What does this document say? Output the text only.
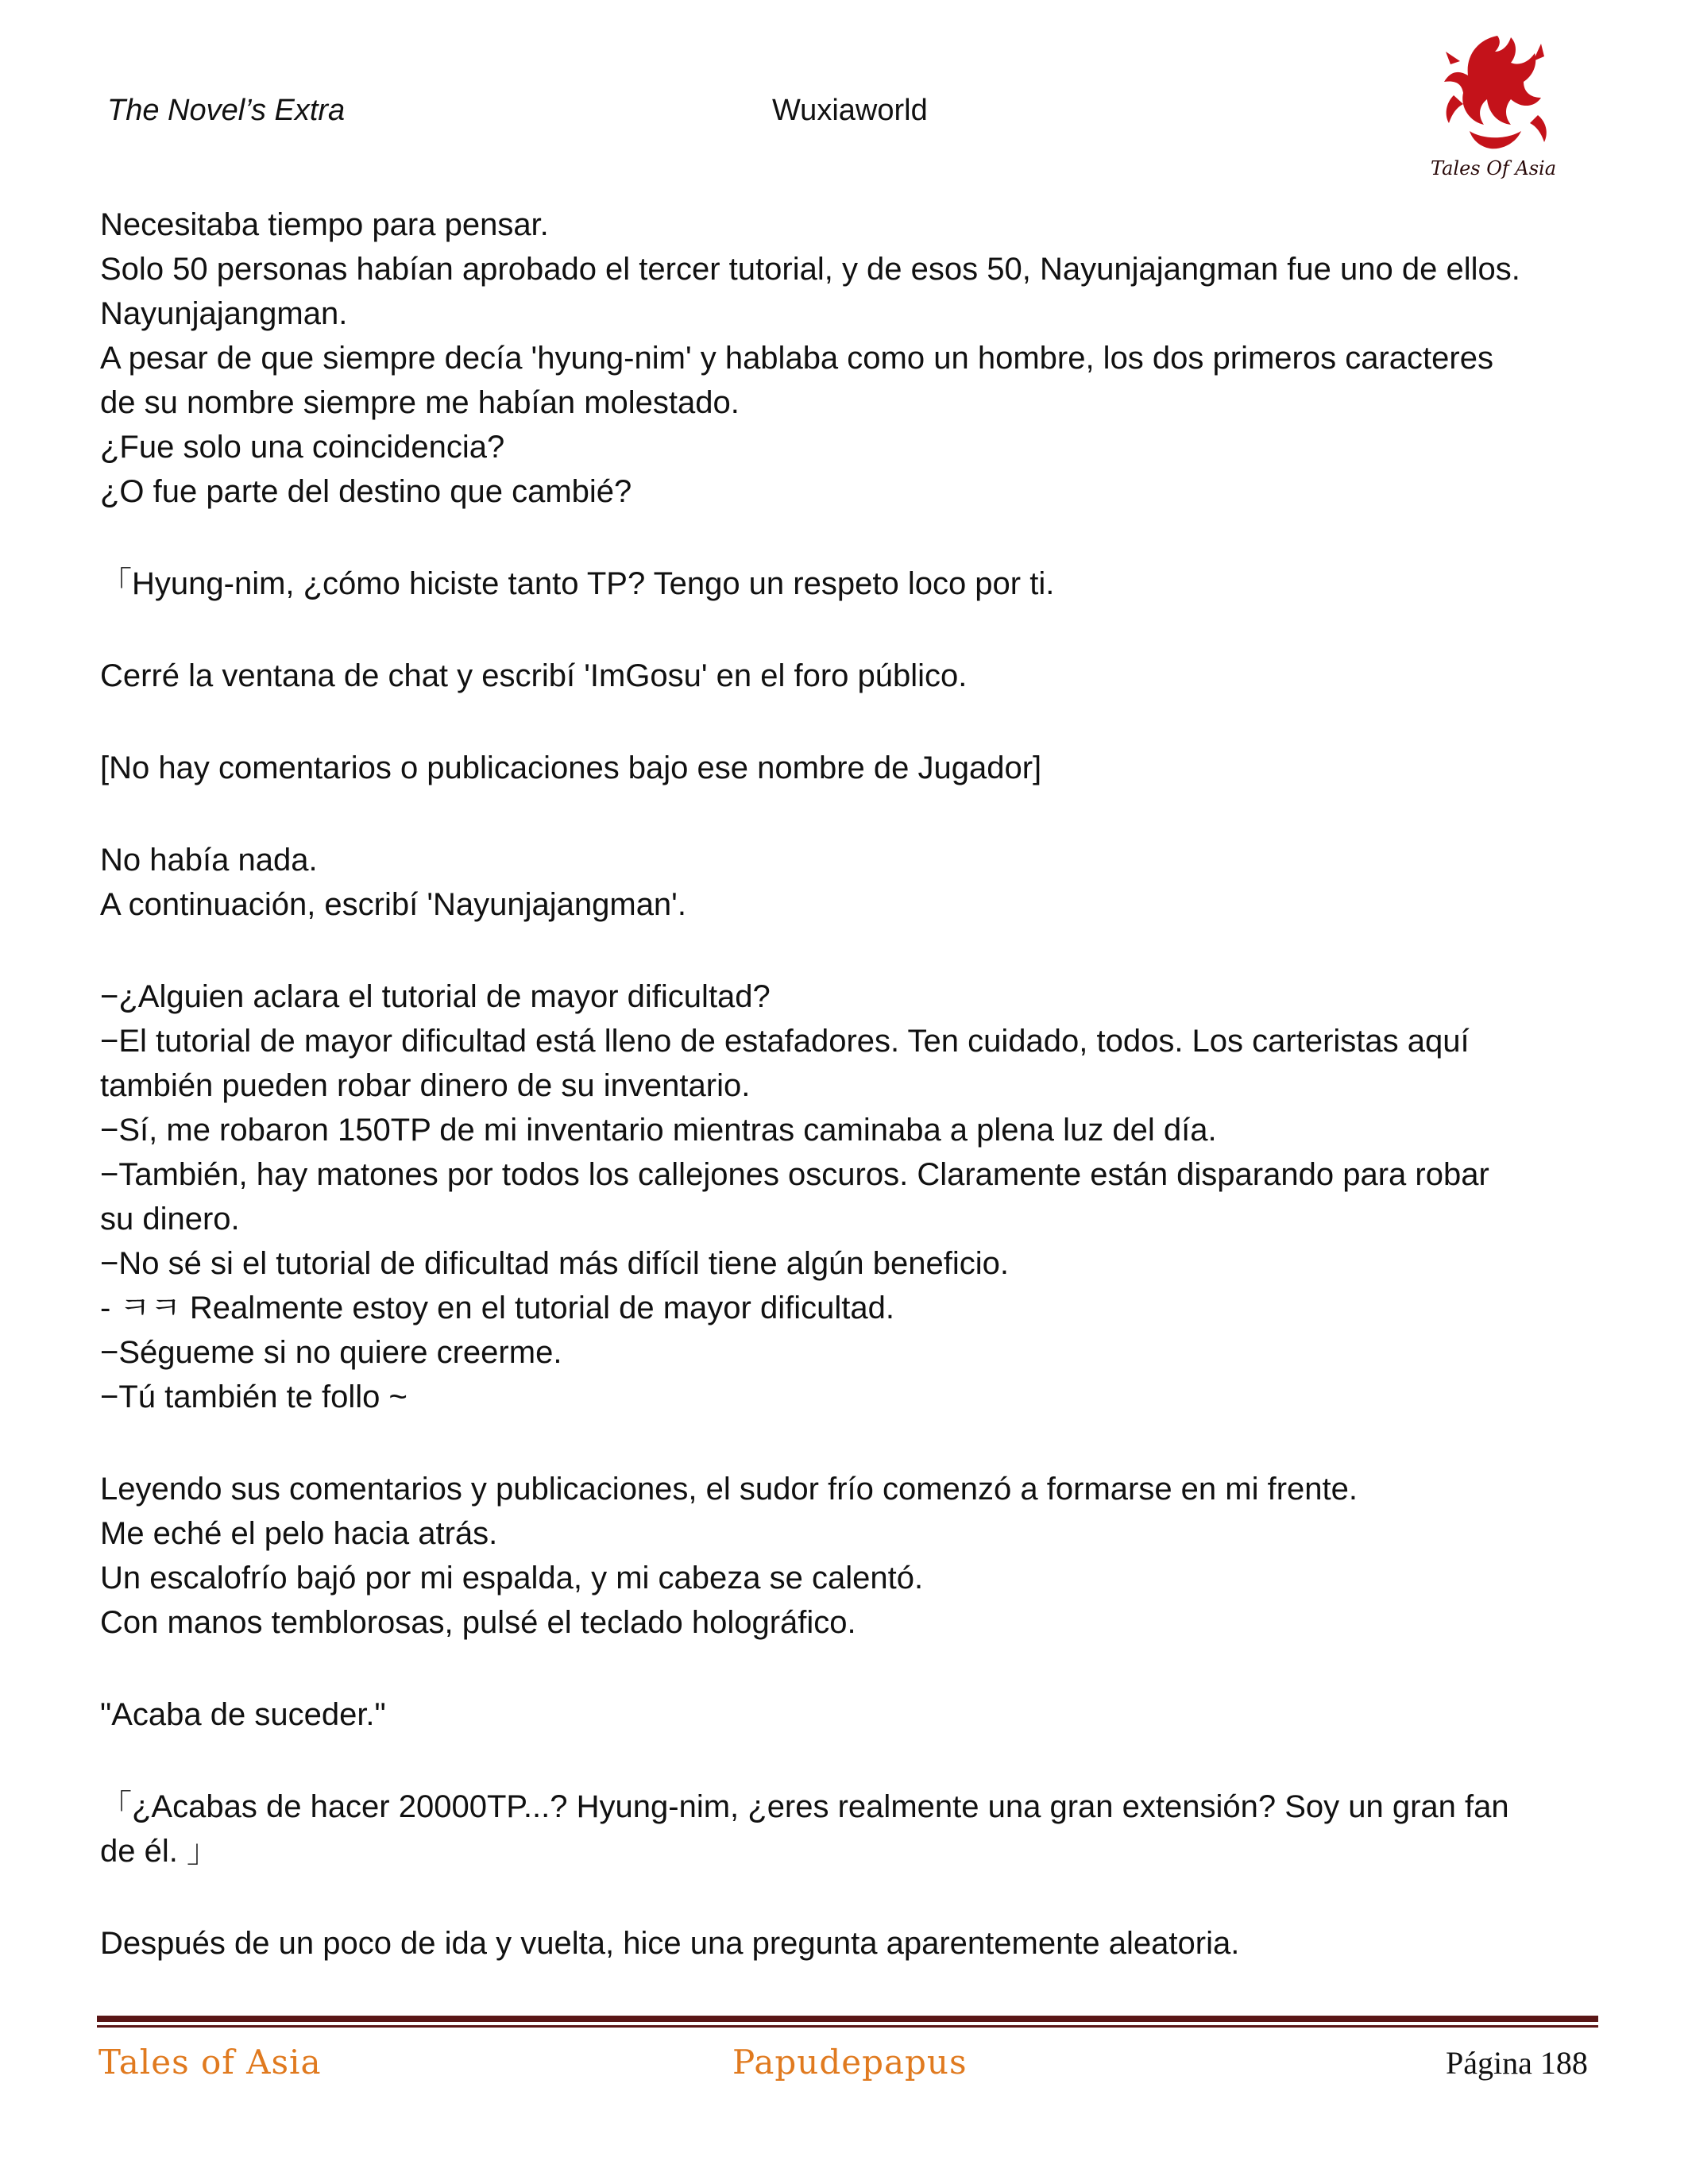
The Novel’s Extra	Wuxiaworld
Tales Of Asia
Necesitaba tiempo para pensar.
Solo 50 personas habían aprobado el tercer tutorial, y de esos 50, Nayunjajangman fue uno de ellos.
Nayunjajangman.
A pesar de que siempre decía 'hyung-nim' y hablaba como un hombre, los dos primeros caracteres
de su nombre siempre me habían molestado.
¿Fue solo una coincidencia?
¿O fue parte del destino que cambié?
「Hyung-nim, ¿cómo hiciste tanto TP? Tengo un respeto loco por ti.
Cerré la ventana de chat y escribí 'ImGosu' en el foro público.
[No hay comentarios o publicaciones bajo ese nombre de Jugador]
No había nada.
A continuación, escribí 'Nayunjajangman'.
−¿Alguien aclara el tutorial de mayor dificultad?
−El tutorial de mayor dificultad está lleno de estafadores. Ten cuidado, todos. Los carteristas aquí
también pueden robar dinero de su inventario.
−Sí, me robaron 150TP de mi inventario mientras caminaba a plena luz del día.
−También, hay matones por todos los callejones oscuros. Claramente están disparando para robar
su dinero.
−No sé si el tutorial de dificultad más difícil tiene algún beneficio.
- ㅋㅋ Realmente estoy en el tutorial de mayor dificultad.
−Ségueme si no quiere creerme.
−Tú también te follo ~
Leyendo sus comentarios y publicaciones, el sudor frío comenzó a formarse en mi frente.
Me eché el pelo hacia atrás.
Un escalofrío bajó por mi espalda, y mi cabeza se calentó.
Con manos temblorosas, pulsé el teclado holográfico.
"Acaba de suceder."
「¿Acabas de hacer 20000TP...? Hyung-nim, ¿eres realmente una gran extensión? Soy un gran fan
de él. 」
Después de un poco de ida y vuelta, hice una pregunta aparentemente aleatoria.
Tales of Asia	Papudepapus	Página 188
